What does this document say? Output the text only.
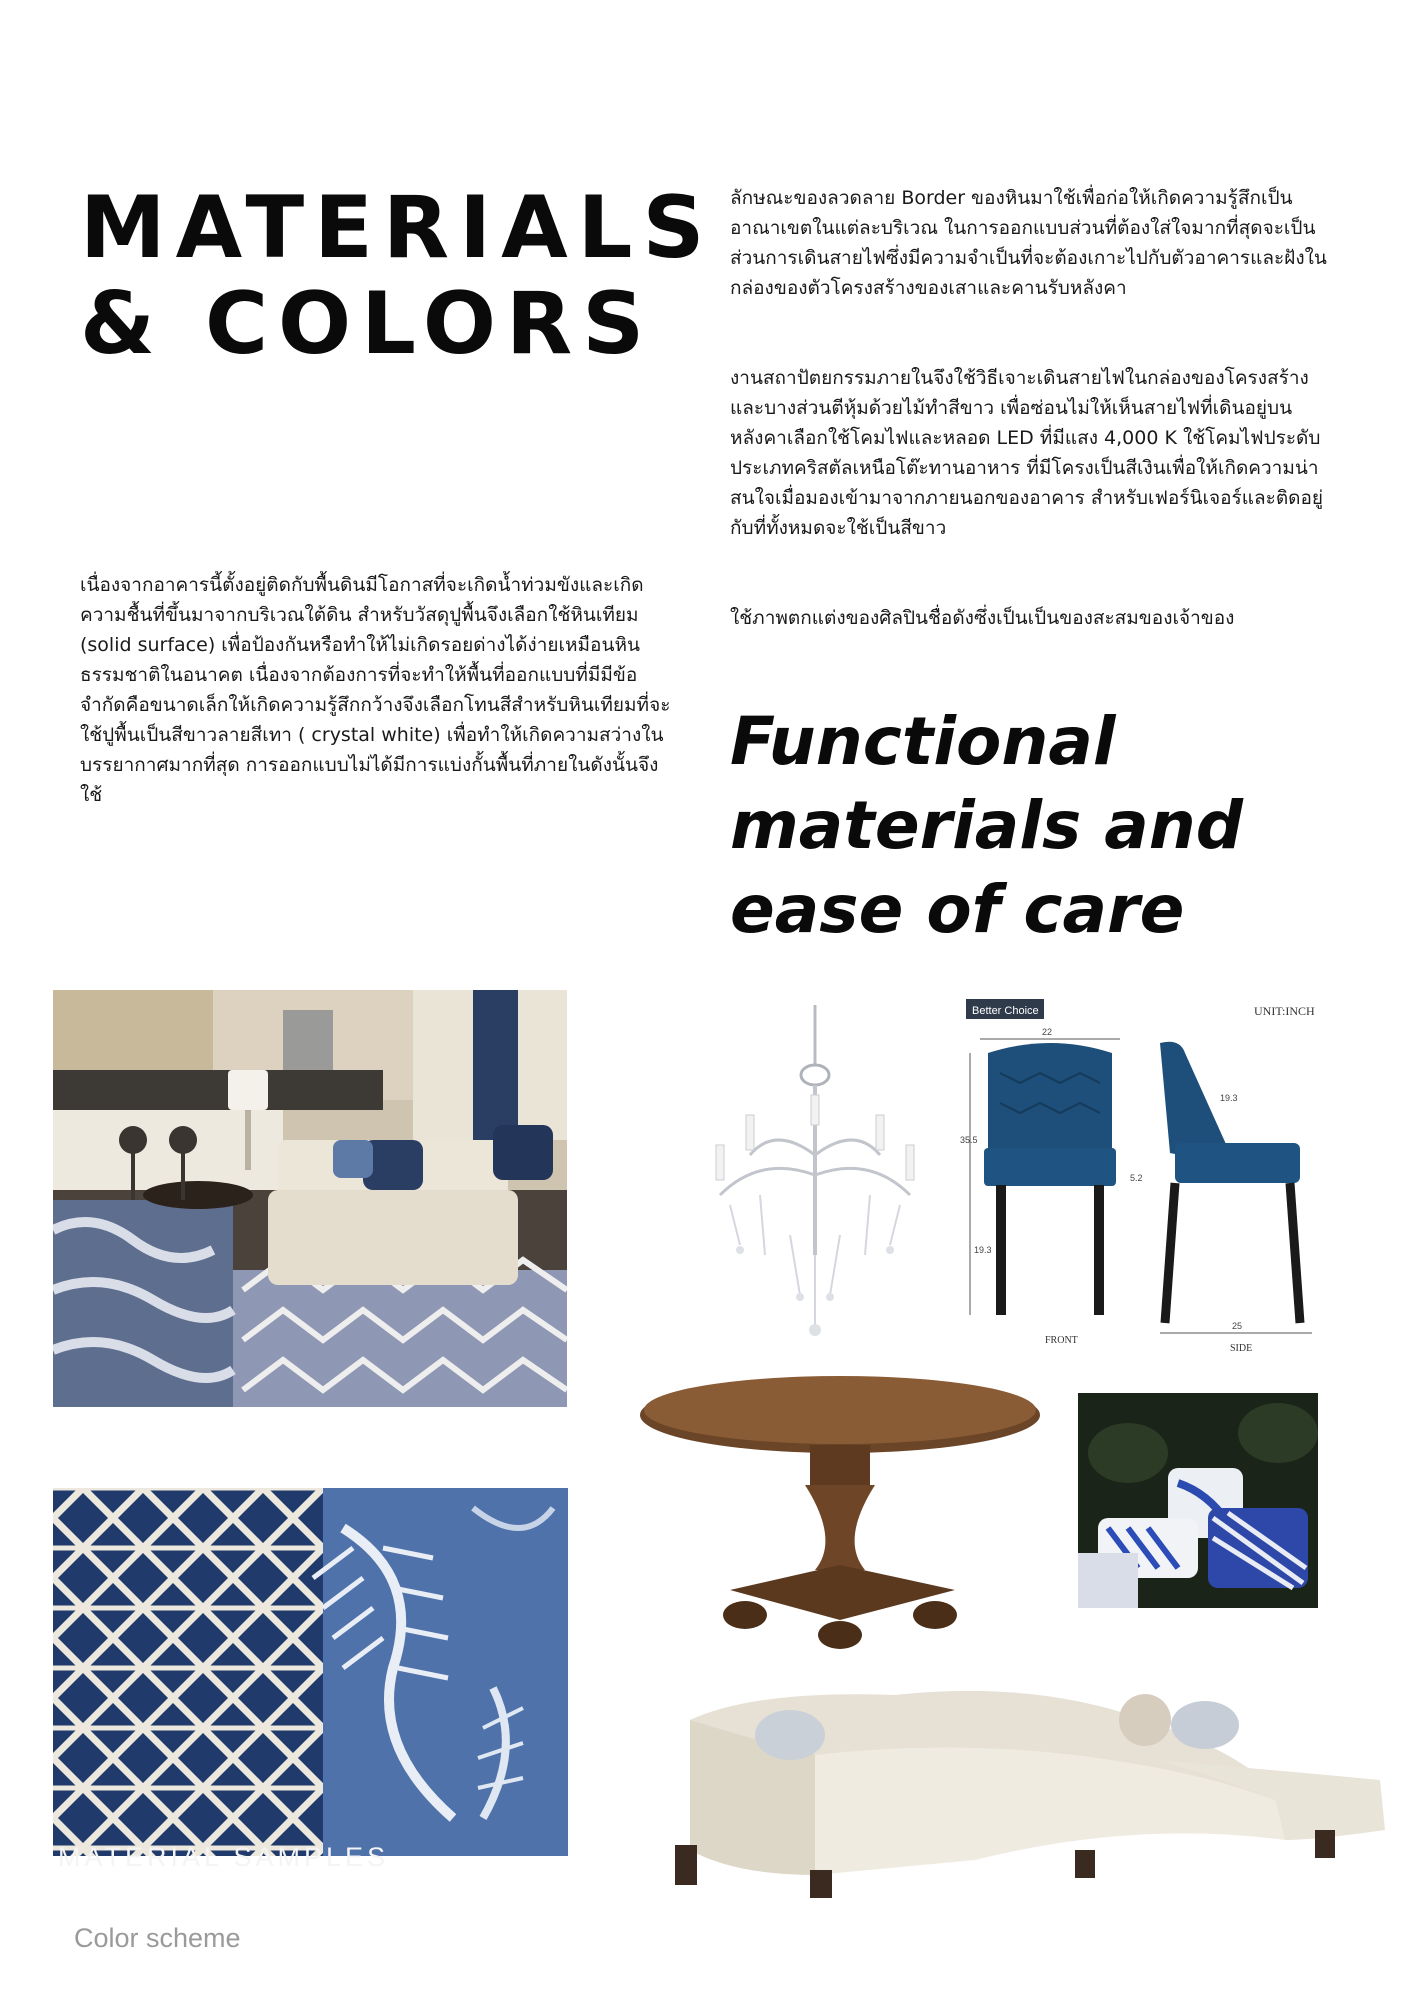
MATERIALS
& COLORS

ลักษณะของลวดลาย Border ของหินมาใช้เพื่อก่อให้เกิดความรู้สึกเป็นอาณาเขตในแต่ละบริเวณ ในการออกแบบส่วนที่ต้องใส่ใจมากที่สุดจะเป็นส่วนการเดินสายไฟซึ่งมีความจำเป็นที่จะต้องเกาะไปกับตัวอาคารและฝังในกล่องของตัวโครงสร้างของเสาและคานรับหลังคา

งานสถาปัตยกรรมภายในจึงใช้วิธีเจาะเดินสายไฟในกล่องของโครงสร้างและบางส่วนตีหุ้มด้วยไม้ทำสีขาว เพื่อซ่อนไม่ให้เห็นสายไฟที่เดินอยู่บนหลังคาเลือกใช้โคมไฟและหลอด LED ที่มีแสง 4,000 K ใช้โคมไฟประดับประเภทคริสตัลเหนือโต๊ะทานอาหาร ที่มีโครงเป็นสีเงินเพื่อให้เกิดความน่าสนใจเมื่อมองเข้ามาจากภายนอกของอาคาร สำหรับเฟอร์นิเจอร์และติดอยู่กับที่ทั้งหมดจะใช้เป็นสีขาว

ใช้ภาพตกแต่งของศิลปินชื่อดังซึ่งเป็นเป็นของสะสมของเจ้าของ

เนื่องจากอาคารนี้ตั้งอยู่ติดกับพื้นดินมีโอกาสที่จะเกิดน้ำท่วมขังและเกิดความชื้นที่ขึ้นมาจากบริเวณใต้ดิน สำหรับวัสดุปูพื้นจึงเลือกใช้หินเทียม (solid surface) เพื่อป้องกันหรือทำให้ไม่เกิดรอยด่างได้ง่ายเหมือนหินธรรมชาติในอนาคต เนื่องจากต้องการที่จะทำให้พื้นที่ออกแบบที่มีมีข้อจำกัดคือขนาดเล็กให้เกิดความรู้สึกกว้างจึงเลือกโทนสีสำหรับหินเทียมที่จะใช้ปูพื้นเป็นสีขาวลายสีเทา ( crystal white) เพื่อทำให้เกิดความสว่างในบรรยากาศมากที่สุด การออกแบบไม่ได้มีการแบ่งกั้นพื้นที่ภายในดังนั้นจึงใช้

Functional
materials and
ease of care
MATERIAL SAMPLES
Better Choice	UNIT:INCH
22
35.5
19.3
5.2
FRONT
19.3
25
SIDE
Color scheme
